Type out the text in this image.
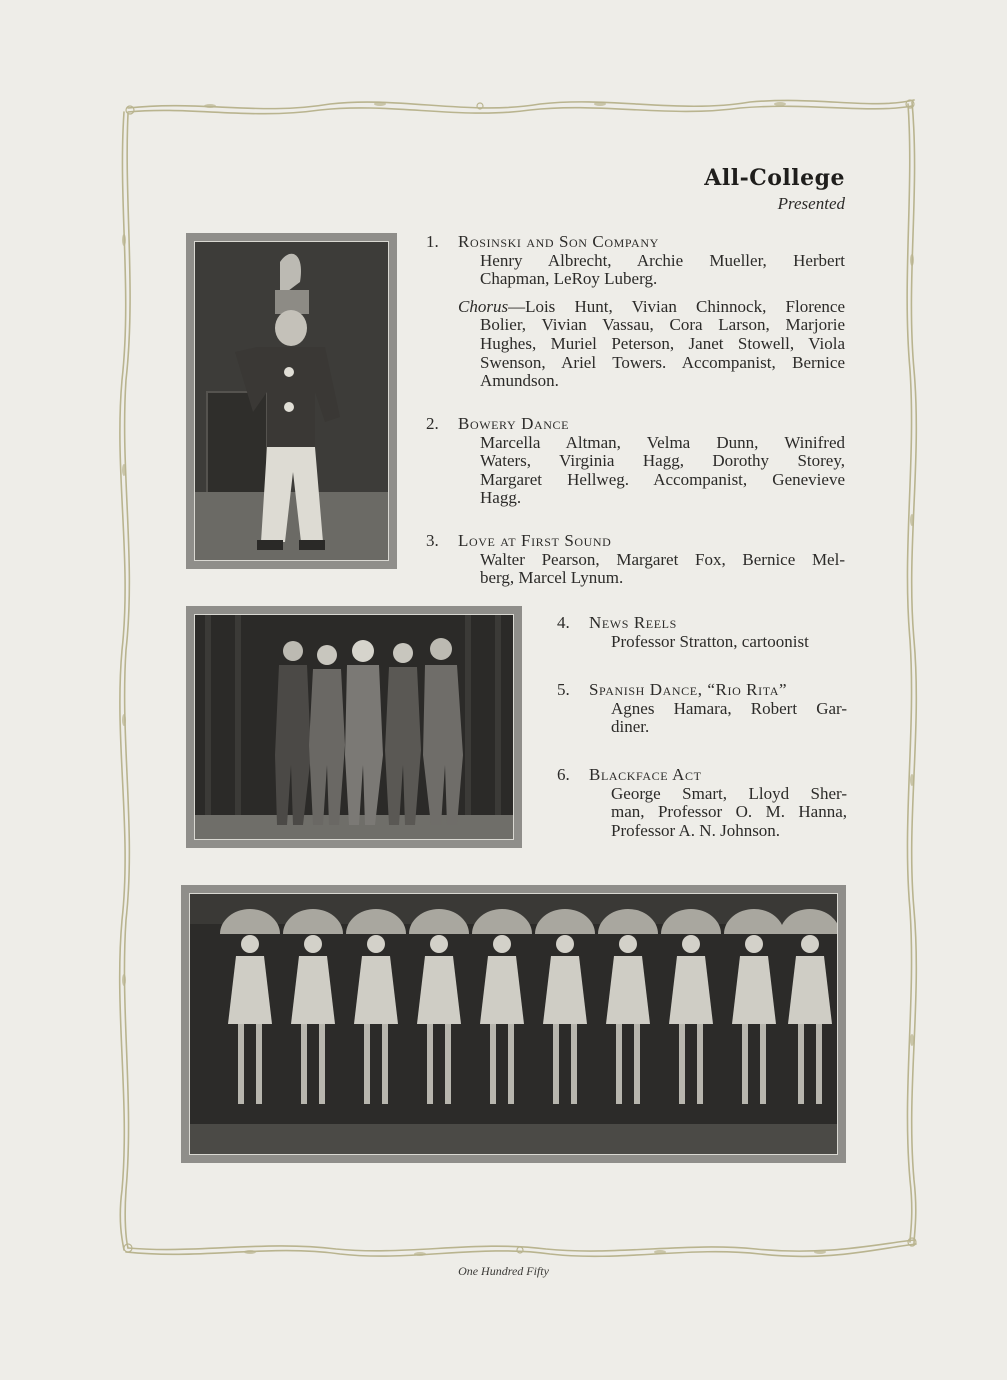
All-College
Presented
1. Rosinski and Son Company
Henry Albrecht, Archie Mueller, Herbert
Chapman, LeRoy Luberg.
Chorus—Lois Hunt, Vivian Chinnock, Florence
Bolier, Vivian Vassau, Cora Larson, Marjorie
Hughes, Muriel Peterson, Janet Stowell, Viola
Swenson, Ariel Towers. Accompanist, Bernice
Amundson.
2. Bowery Dance
Marcella Altman, Velma Dunn, Winifred
Waters, Virginia Hagg, Dorothy Storey,
Margaret Hellweg. Accompanist, Genevieve
Hagg.
3. Love at First Sound
Walter Pearson, Margaret Fox, Bernice Mel-
berg, Marcel Lynum.
4. News Reels
Professor Stratton, cartoonist
5. Spanish Dance, “Rio Rita”
Agnes Hamara, Robert Gar-
diner.
6. Blackface Act
George Smart, Lloyd Sher-
man, Professor O. M. Hanna,
Professor A. N. Johnson.
One Hundred Fifty
